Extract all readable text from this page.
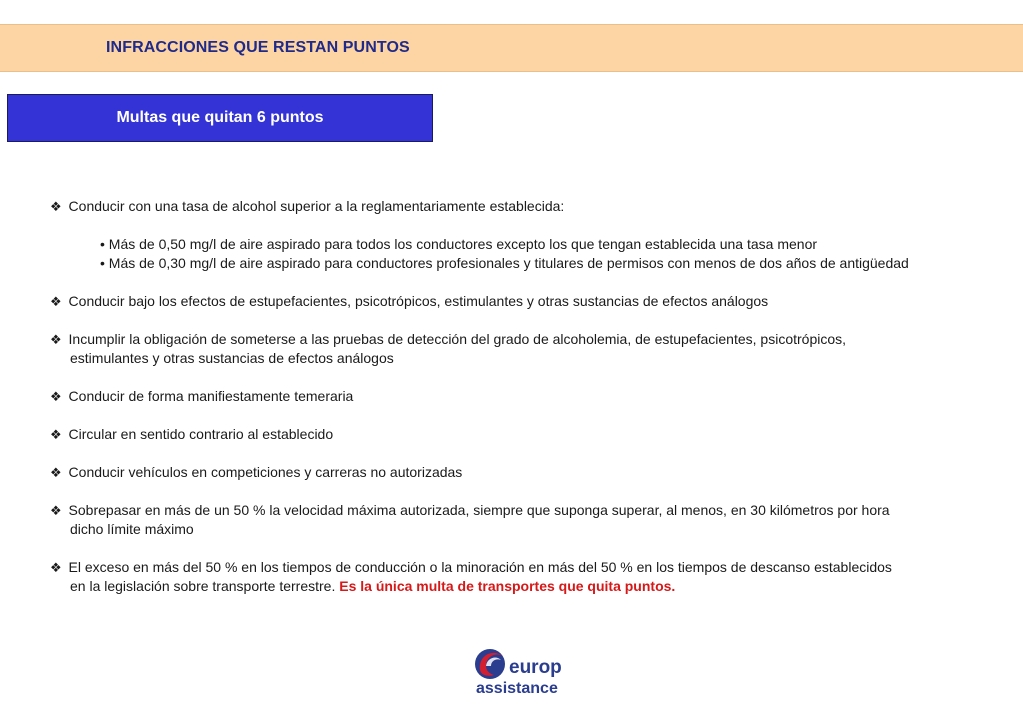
INFRACCIONES QUE RESTAN PUNTOS
Multas que quitan 6 puntos
❖ Conducir con una tasa de alcohol superior a la reglamentariamente establecida:
• Más de 0,50 mg/l de aire aspirado para todos los conductores excepto los que tengan establecida una tasa menor
• Más de 0,30 mg/l de aire aspirado para conductores profesionales y titulares de permisos con menos de dos años de antigüedad
❖ Conducir bajo los efectos de estupefacientes, psicotrópicos, estimulantes y otras sustancias de efectos análogos
❖ Incumplir la obligación de someterse a las pruebas de detección del grado de alcoholemia, de estupefacientes, psicotrópicos,
estimulantes y otras sustancias de efectos análogos
❖ Conducir de forma manifiestamente temeraria
❖ Circular en sentido contrario al establecido
❖ Conducir vehículos en competiciones y carreras no autorizadas
❖ Sobrepasar en más de un 50 % la velocidad máxima autorizada, siempre que suponga superar, al menos, en 30 kilómetros por hora
dicho límite máximo
❖ El exceso en más del 50 % en los tiempos de conducción o la minoración en más del 50 % en los tiempos de descanso establecidos
en la legislación sobre transporte terrestre. Es la única multa de transportes que quita puntos.
europ
assistance
